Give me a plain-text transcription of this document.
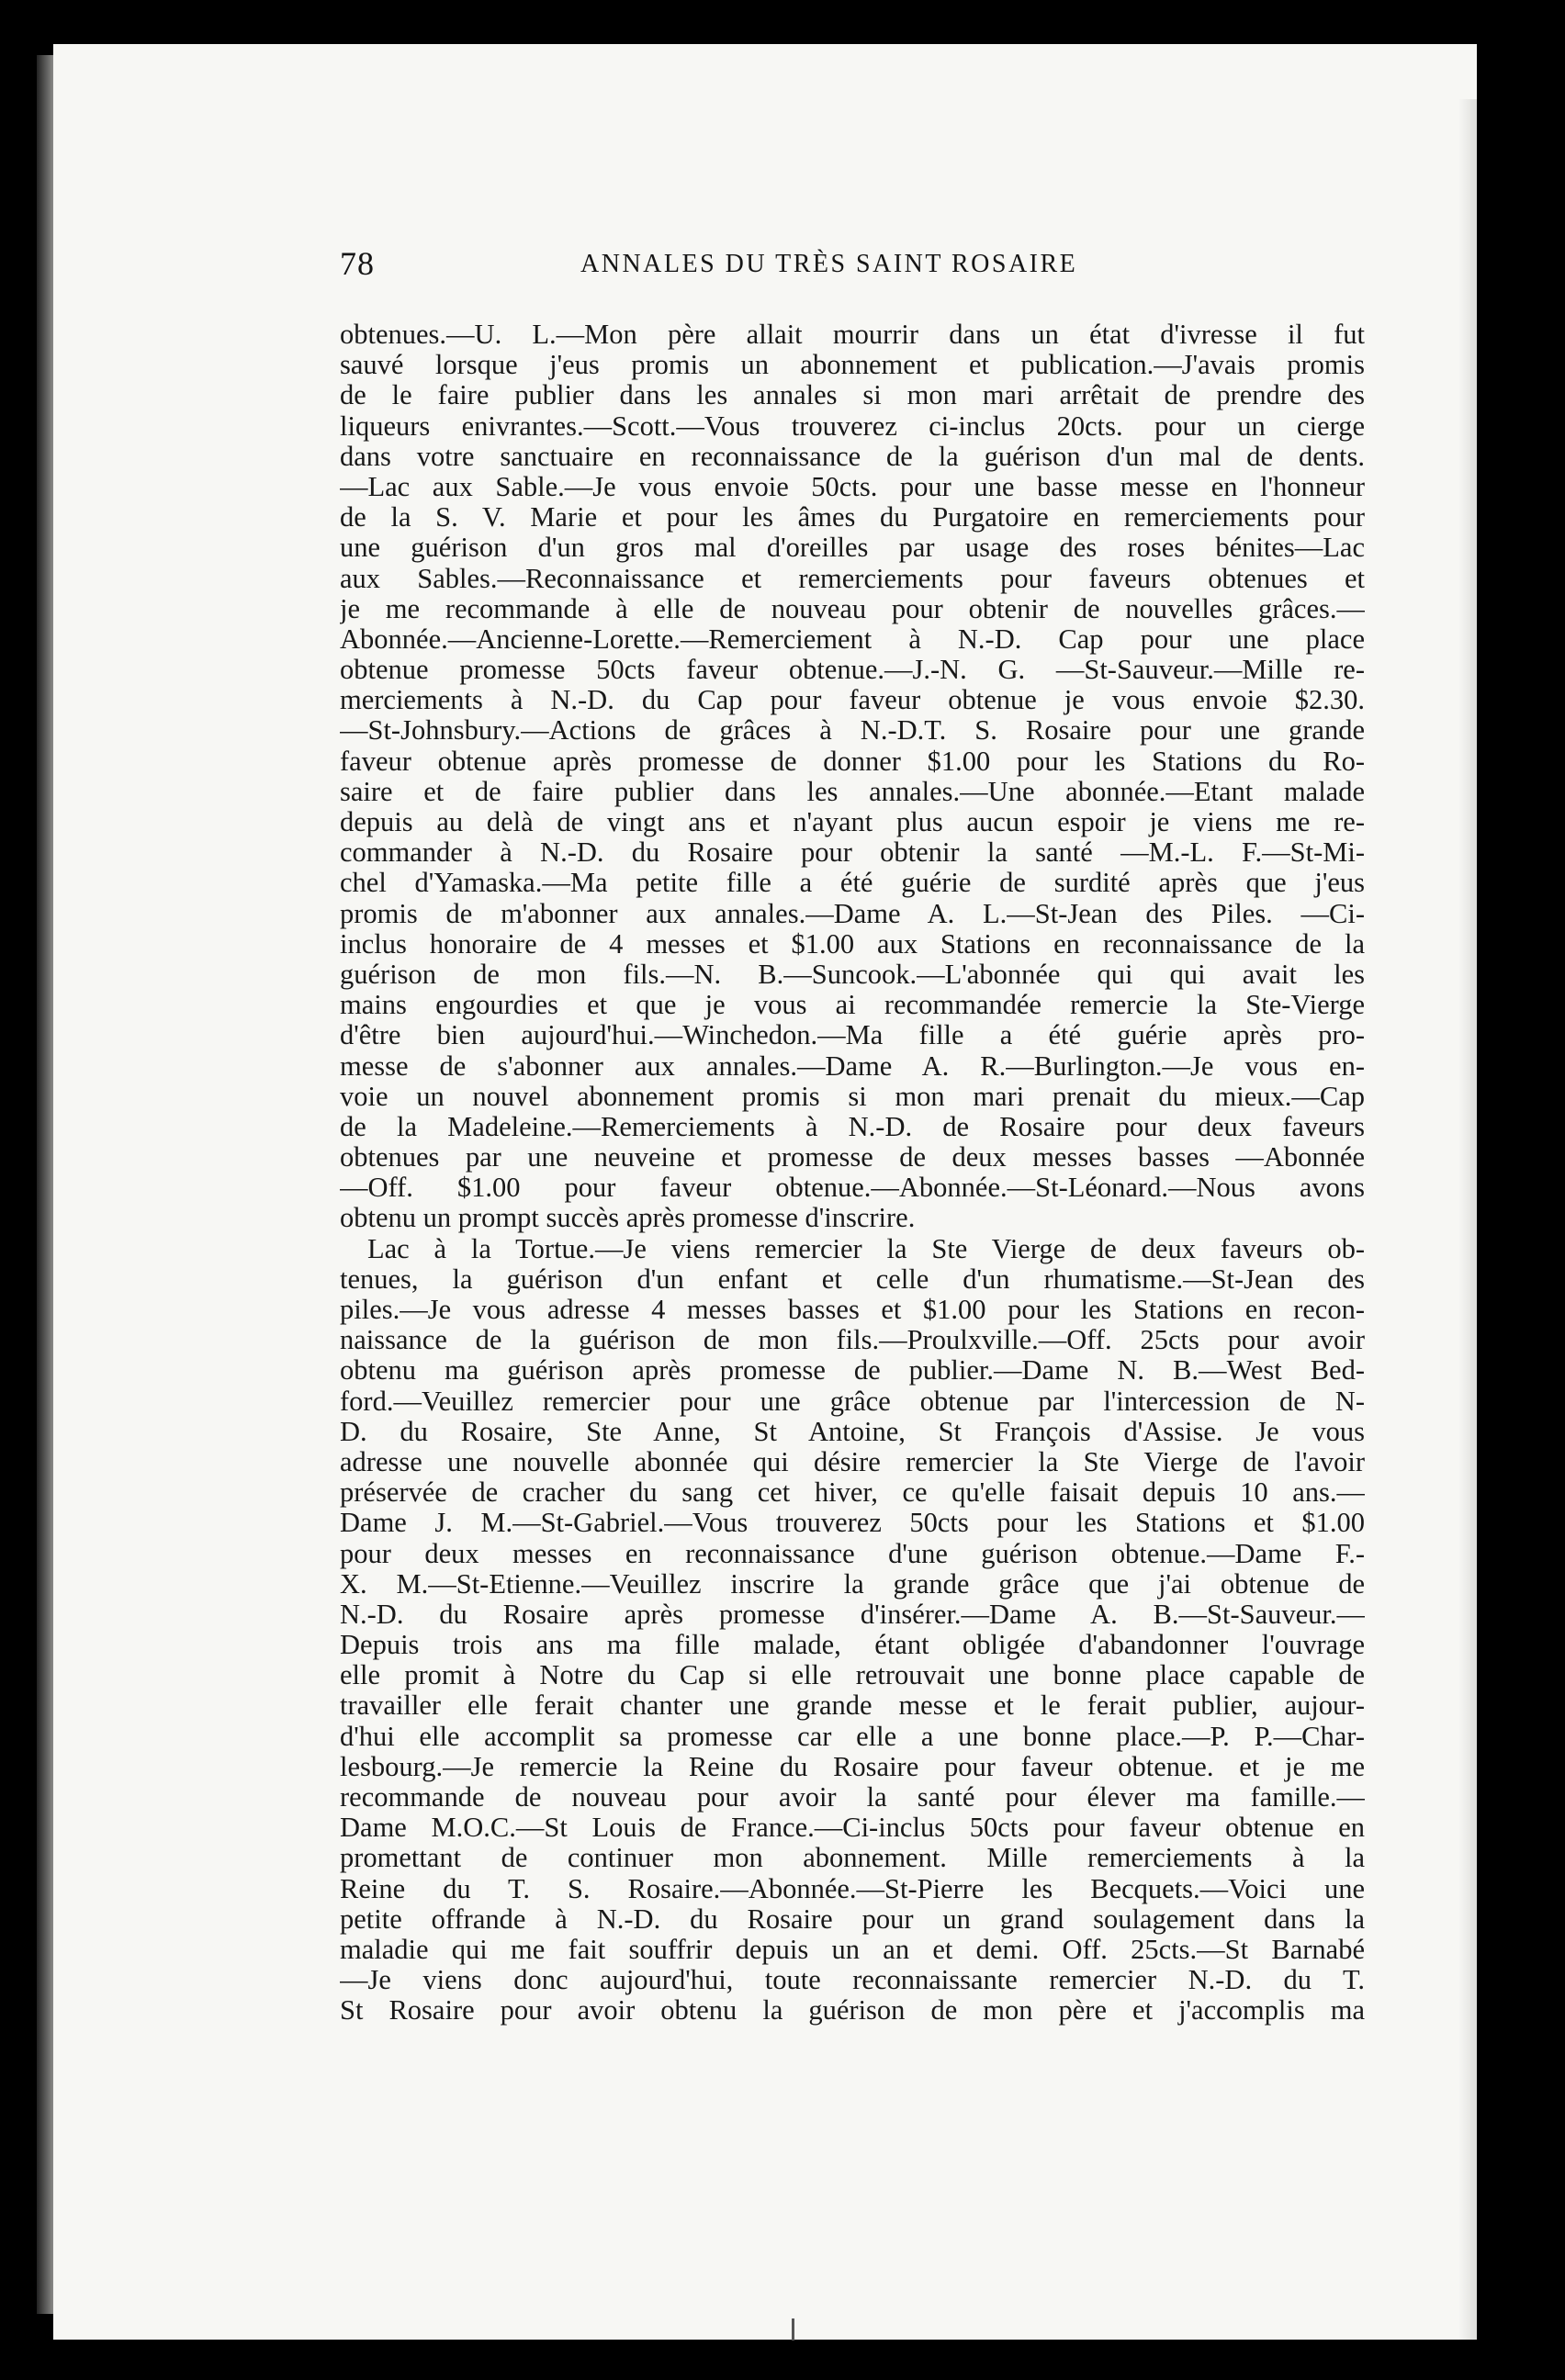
78	ANNALES DU TRÈS SAINT ROSAIRE
obtenues.—U. L.—Mon père allait mourrir dans un état d'ivresse il fut
sauvé lorsque j'eus promis un abonnement et publication.—J'avais promis
de le faire publier dans les annales si mon mari arrêtait de prendre des
liqueurs enivrantes.—Scott.—Vous trouverez ci-inclus 20cts. pour un cierge
dans votre sanctuaire en reconnaissance de la guérison d'un mal de dents.
—Lac aux Sable.—Je vous envoie 50cts. pour une basse messe en l'honneur
de la S. V. Marie et pour les âmes du Purgatoire en remerciements pour
une guérison d'un gros mal d'oreilles par usage des roses bénites—Lac
aux Sables.—Reconnaissance et remerciements pour faveurs obtenues et
je me recommande à elle de nouveau pour obtenir de nouvelles grâces.—
Abonnée.—Ancienne-Lorette.—Remerciement à N.-D. Cap pour une place
obtenue promesse 50cts faveur obtenue.—J.-N. G. —St-Sauveur.—Mille re-
merciements à N.-D. du Cap pour faveur obtenue je vous envoie $2.30.
—St-Johnsbury.—Actions de grâces à N.-D.T. S. Rosaire pour une grande
faveur obtenue après promesse de donner $1.00 pour les Stations du Ro-
saire et de faire publier dans les annales.—Une abonnée.—Etant malade
depuis au delà de vingt ans et n'ayant plus aucun espoir je viens me re-
commander à N.-D. du Rosaire pour obtenir la santé —M.-L. F.—St-Mi-
chel d'Yamaska.—Ma petite fille a été guérie de surdité après que j'eus
promis de m'abonner aux annales.—Dame A. L.—St-Jean des Piles. —Ci-
inclus honoraire de 4 messes et $1.00 aux Stations en reconnaissance de la
guérison de mon fils.—N. B.—Suncook.—L'abonnée qui qui avait les
mains engourdies et que je vous ai recommandée remercie la Ste-Vierge
d'être bien aujourd'hui.—Winchedon.—Ma fille a été guérie après pro-
messe de s'abonner aux annales.—Dame A. R.—Burlington.—Je vous en-
voie un nouvel abonnement promis si mon mari prenait du mieux.—Cap
de la Madeleine.—Remerciements à N.-D. de Rosaire pour deux faveurs
obtenues par une neuveine et promesse de deux messes basses —Abonnée
—Off. $1.00 pour faveur obtenue.—Abonnée.—St-Léonard.—Nous avons
obtenu un prompt succès après promesse d'inscrire.
Lac à la Tortue.—Je viens remercier la Ste Vierge de deux faveurs ob-
tenues, la guérison d'un enfant et celle d'un rhumatisme.—St-Jean des
piles.—Je vous adresse 4 messes basses et $1.00 pour les Stations en recon-
naissance de la guérison de mon fils.—Proulxville.—Off. 25cts pour avoir
obtenu ma guérison après promesse de publier.—Dame N. B.—West Bed-
ford.—Veuillez remercier pour une grâce obtenue par l'intercession de N-
D. du Rosaire, Ste Anne, St Antoine, St François d'Assise. Je vous
adresse une nouvelle abonnée qui désire remercier la Ste Vierge de l'avoir
préservée de cracher du sang cet hiver, ce qu'elle faisait depuis 10 ans.—
Dame J. M.—St-Gabriel.—Vous trouverez 50cts pour les Stations et $1.00
pour deux messes en reconnaissance d'une guérison obtenue.—Dame F.-
X. M.—St-Etienne.—Veuillez inscrire la grande grâce que j'ai obtenue de
N.-D. du Rosaire après promesse d'insérer.—Dame A. B.—St-Sauveur.—
Depuis trois ans ma fille malade, étant obligée d'abandonner l'ouvrage
elle promit à Notre du Cap si elle retrouvait une bonne place capable de
travailler elle ferait chanter une grande messe et le ferait publier, aujour-
d'hui elle accomplit sa promesse car elle a une bonne place.—P. P.—Char-
lesbourg.—Je remercie la Reine du Rosaire pour faveur obtenue. et je me
recommande de nouveau pour avoir la santé pour élever ma famille.—
Dame M.O.C.—St Louis de France.—Ci-inclus 50cts pour faveur obtenue en
promettant de continuer mon abonnement. Mille remerciements à la
Reine du T. S. Rosaire.—Abonnée.—St-Pierre les Becquets.—Voici une
petite offrande à N.-D. du Rosaire pour un grand soulagement dans la
maladie qui me fait souffrir depuis un an et demi. Off. 25cts.—St Barnabé
—Je viens donc aujourd'hui, toute reconnaissante remercier N.-D. du T.
St Rosaire pour avoir obtenu la guérison de mon père et j'accomplis ma
